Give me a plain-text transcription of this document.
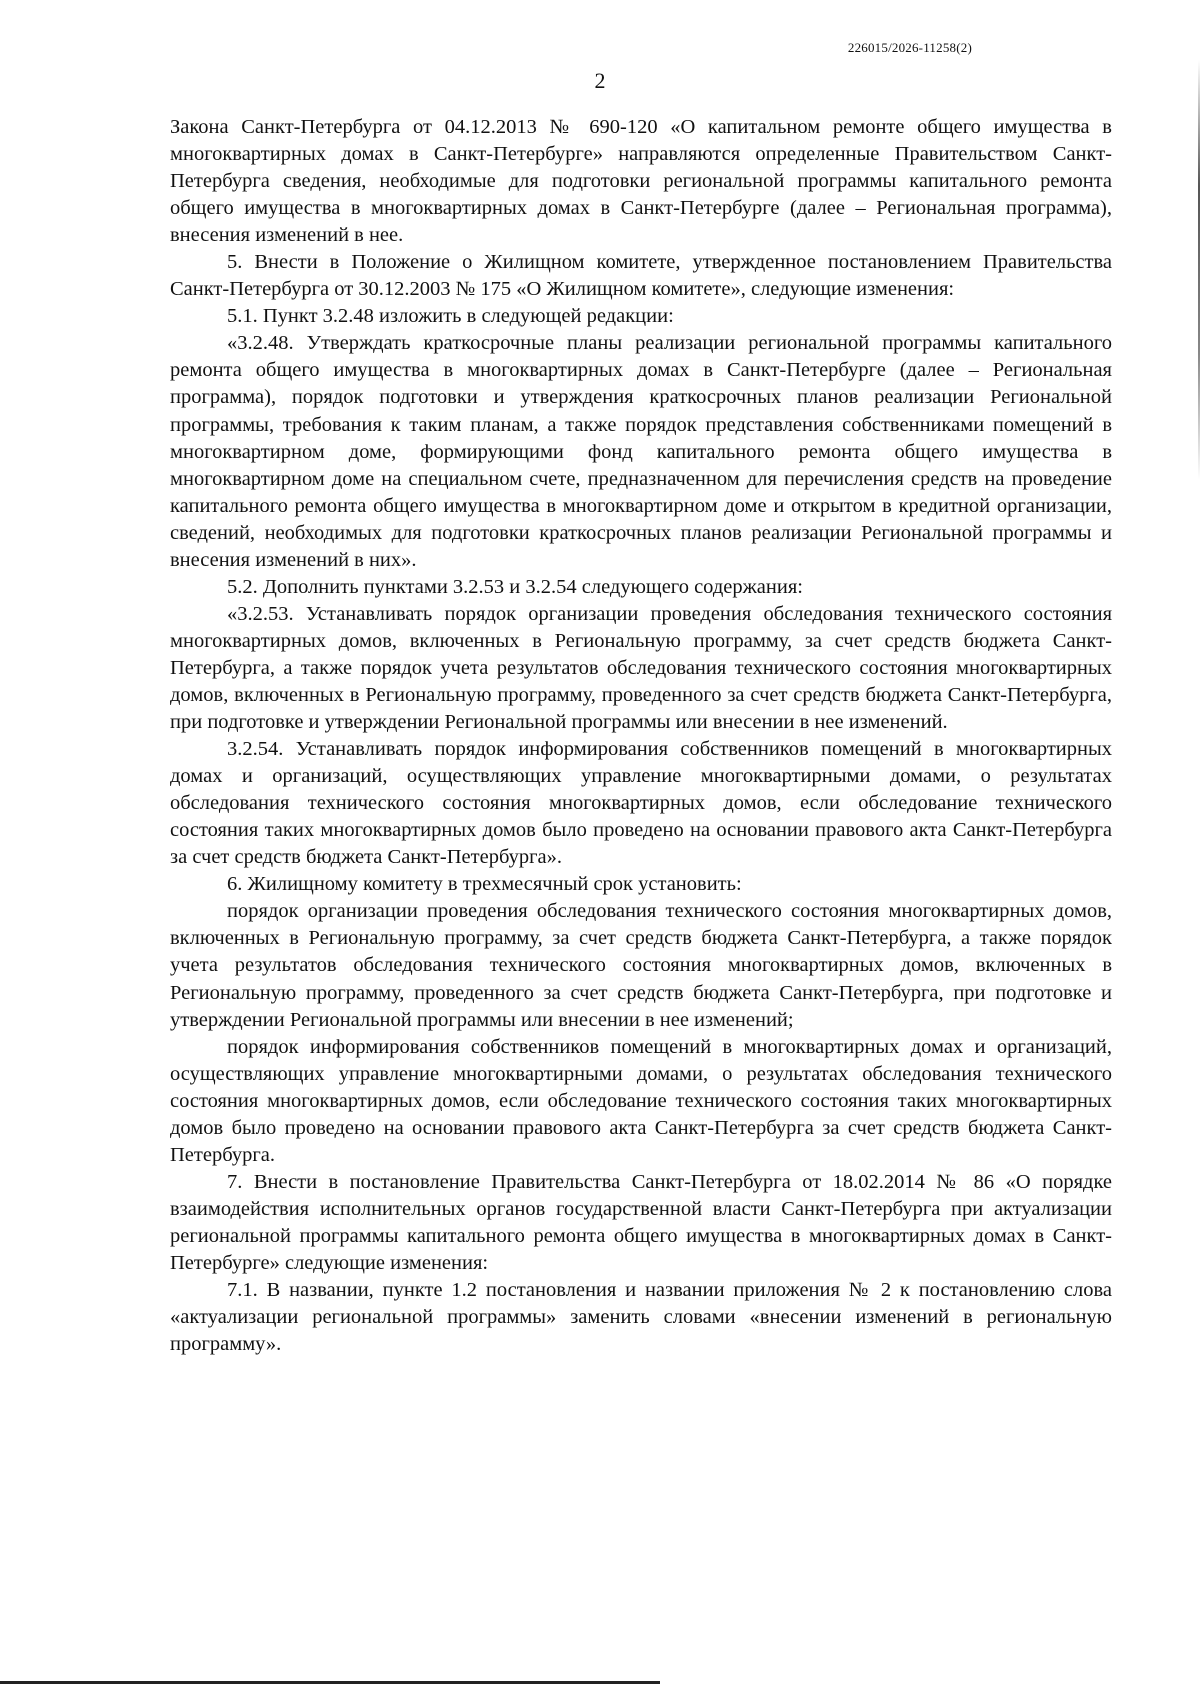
226015/2026-11258(2)
2

Закона Санкт-Петербурга от 04.12.2013 № 690-120 «О капитальном ремонте общего имущества в многоквартирных домах в Санкт-Петербурге» направляются определенные Правительством Санкт-Петербурга сведения, необходимые для подготовки региональной программы капитального ремонта общего имущества в многоквартирных домах в Санкт-Петербурге (далее – Региональная программа), внесения изменений в нее.

5. Внести в Положение о Жилищном комитете, утвержденное постановлением Правительства Санкт-Петербурга от 30.12.2003 № 175 «О Жилищном комитете», следующие изменения:

5.1. Пункт 3.2.48 изложить в следующей редакции:

«3.2.48. Утверждать краткосрочные планы реализации региональной программы капитального ремонта общего имущества в многоквартирных домах в Санкт-Петербурге (далее – Региональная программа), порядок подготовки и утверждения краткосрочных планов реализации Региональной программы, требования к таким планам, а также порядок представления собственниками помещений в многоквартирном доме, формирующими фонд капитального ремонта общего имущества в многоквартирном доме на специальном счете, предназначенном для перечисления средств на проведение капитального ремонта общего имущества в многоквартирном доме и открытом в кредитной организации, сведений, необходимых для подготовки краткосрочных планов реализации Региональной программы и внесения изменений в них».

5.2. Дополнить пунктами 3.2.53 и 3.2.54 следующего содержания:

«3.2.53. Устанавливать порядок организации проведения обследования технического состояния многоквартирных домов, включенных в Региональную программу, за счет средств бюджета Санкт-Петербурга, а также порядок учета результатов обследования технического состояния многоквартирных домов, включенных в Региональную программу, проведенного за счет средств бюджета Санкт-Петербурга, при подготовке и утверждении Региональной программы или внесении в нее изменений.

3.2.54. Устанавливать порядок информирования собственников помещений в многоквартирных домах и организаций, осуществляющих управление многоквартирными домами, о результатах обследования технического состояния многоквартирных домов, если обследование технического состояния таких многоквартирных домов было проведено на основании правового акта Санкт-Петербурга за счет средств бюджета Санкт-Петербурга».

6. Жилищному комитету в трехмесячный срок установить:

порядок организации проведения обследования технического состояния многоквартирных домов, включенных в Региональную программу, за счет средств бюджета Санкт-Петербурга, а также порядок учета результатов обследования технического состояния многоквартирных домов, включенных в Региональную программу, проведенного за счет средств бюджета Санкт-Петербурга, при подготовке и утверждении Региональной программы или внесении в нее изменений;

порядок информирования собственников помещений в многоквартирных домах и организаций, осуществляющих управление многоквартирными домами, о результатах обследования технического состояния многоквартирных домов, если обследование технического состояния таких многоквартирных домов было проведено на основании правового акта Санкт-Петербурга за счет средств бюджета Санкт-Петербурга.

7. Внести в постановление Правительства Санкт-Петербурга от 18.02.2014 № 86 «О порядке взаимодействия исполнительных органов государственной власти Санкт-Петербурга при актуализации региональной программы капитального ремонта общего имущества в многоквартирных домах в Санкт-Петербурге» следующие изменения:

7.1. В названии, пункте 1.2 постановления и названии приложения № 2 к постановлению слова «актуализации региональной программы» заменить словами «внесении изменений в региональную программу».
